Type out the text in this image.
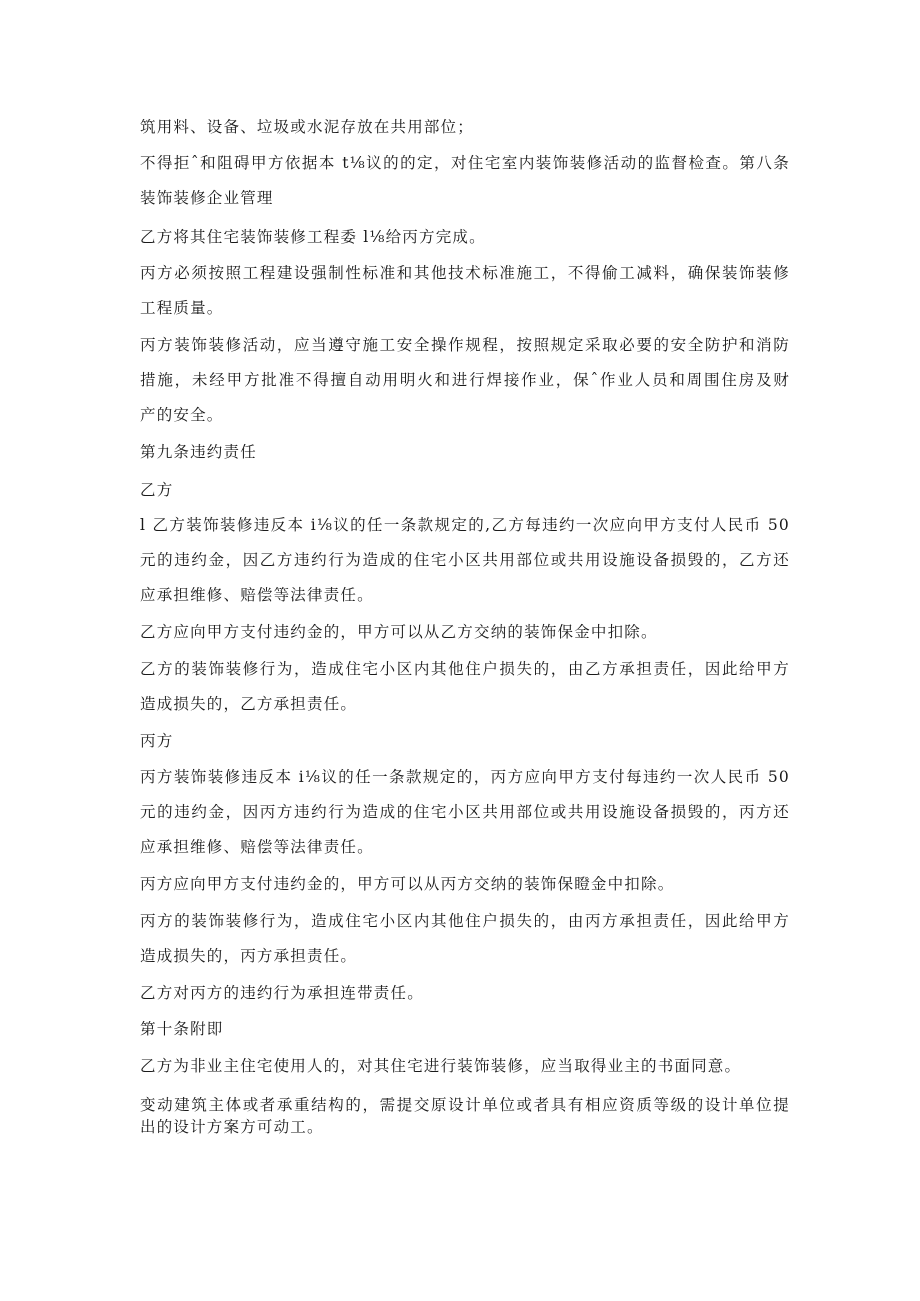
筑用料、设备、垃圾或水泥存放在共用部位；
不得拒ˆ和阻碍甲方依据本 t⅛议的的定，对住宅室内装饰装修活动的监督检查。第八条
装饰装修企业管理
乙方将其住宅装饰装修工程委 l⅛给丙方完成。
丙方必须按照工程建设强制性标准和其他技术标准施工，不得偷工减料，确保装饰装修
工程质量。
丙方装饰装修活动，应当遵守施工安全操作规程，按照规定采取必要的安全防护和消防
措施，未经甲方批准不得擅自动用明火和进行焊接作业，保ˆ作业人员和周围住房及财
产的安全。
第九条违约责任
乙方
l 乙方装饰装修违反本 i⅛议的任一条款规定的,乙方每违约一次应向甲方支付人民币 50
元的违约金，因乙方违约行为造成的住宅小区共用部位或共用设施设备损毁的，乙方还
应承担维修、赔偿等法律责任。
乙方应向甲方支付违约金的，甲方可以从乙方交纳的装饰保金中扣除。
乙方的装饰装修行为，造成住宅小区内其他住户损失的，由乙方承担责任，因此给甲方
造成损失的，乙方承担责任。
丙方
丙方装饰装修违反本 i⅛议的任一条款规定的，丙方应向甲方支付每违约一次人民币 50
元的违约金，因丙方违约行为造成的住宅小区共用部位或共用设施设备损毁的，丙方还
应承担维修、赔偿等法律责任。
丙方应向甲方支付违约金的，甲方可以从丙方交纳的装饰保瞪金中扣除。
丙方的装饰装修行为，造成住宅小区内其他住户损失的，由丙方承担责任，因此给甲方
造成损失的，丙方承担责任。
乙方对丙方的违约行为承担连带责任。
第十条附即
乙方为非业主住宅使用人的，对其住宅进行装饰装修，应当取得业主的书面同意。
变动建筑主体或者承重结构的，需提交原设计单位或者具有相应资质等级的设计单位提
出的设计方案方可动工。
